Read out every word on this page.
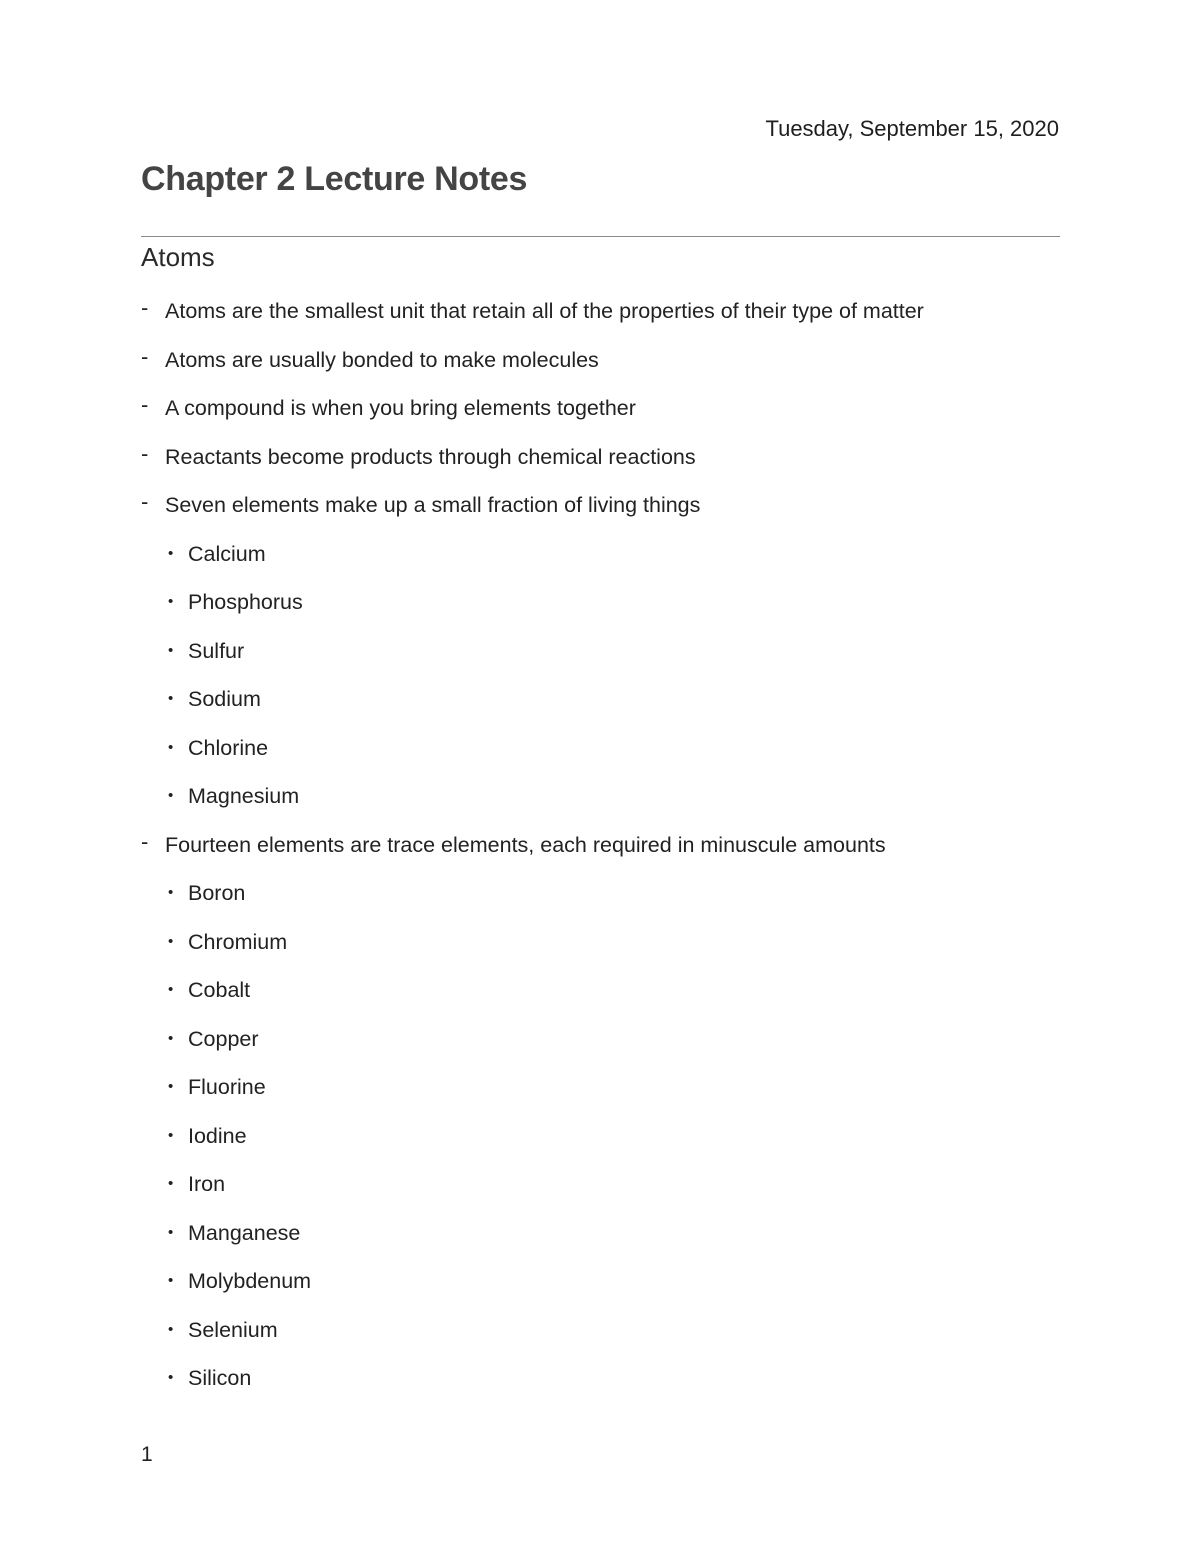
Tuesday, September 15, 2020
Chapter 2 Lecture Notes
Atoms
- Atoms are the smallest unit that retain all of the properties of their type of matter
- Atoms are usually bonded to make molecules
- A compound is when you bring elements together
- Reactants become products through chemical reactions
- Seven elements make up a small fraction of living things
• Calcium
• Phosphorus
• Sulfur
• Sodium
• Chlorine
• Magnesium
- Fourteen elements are trace elements, each required in minuscule amounts
• Boron
• Chromium
• Cobalt
• Copper
• Fluorine
• Iodine
• Iron
• Manganese
• Molybdenum
• Selenium
• Silicon
1
